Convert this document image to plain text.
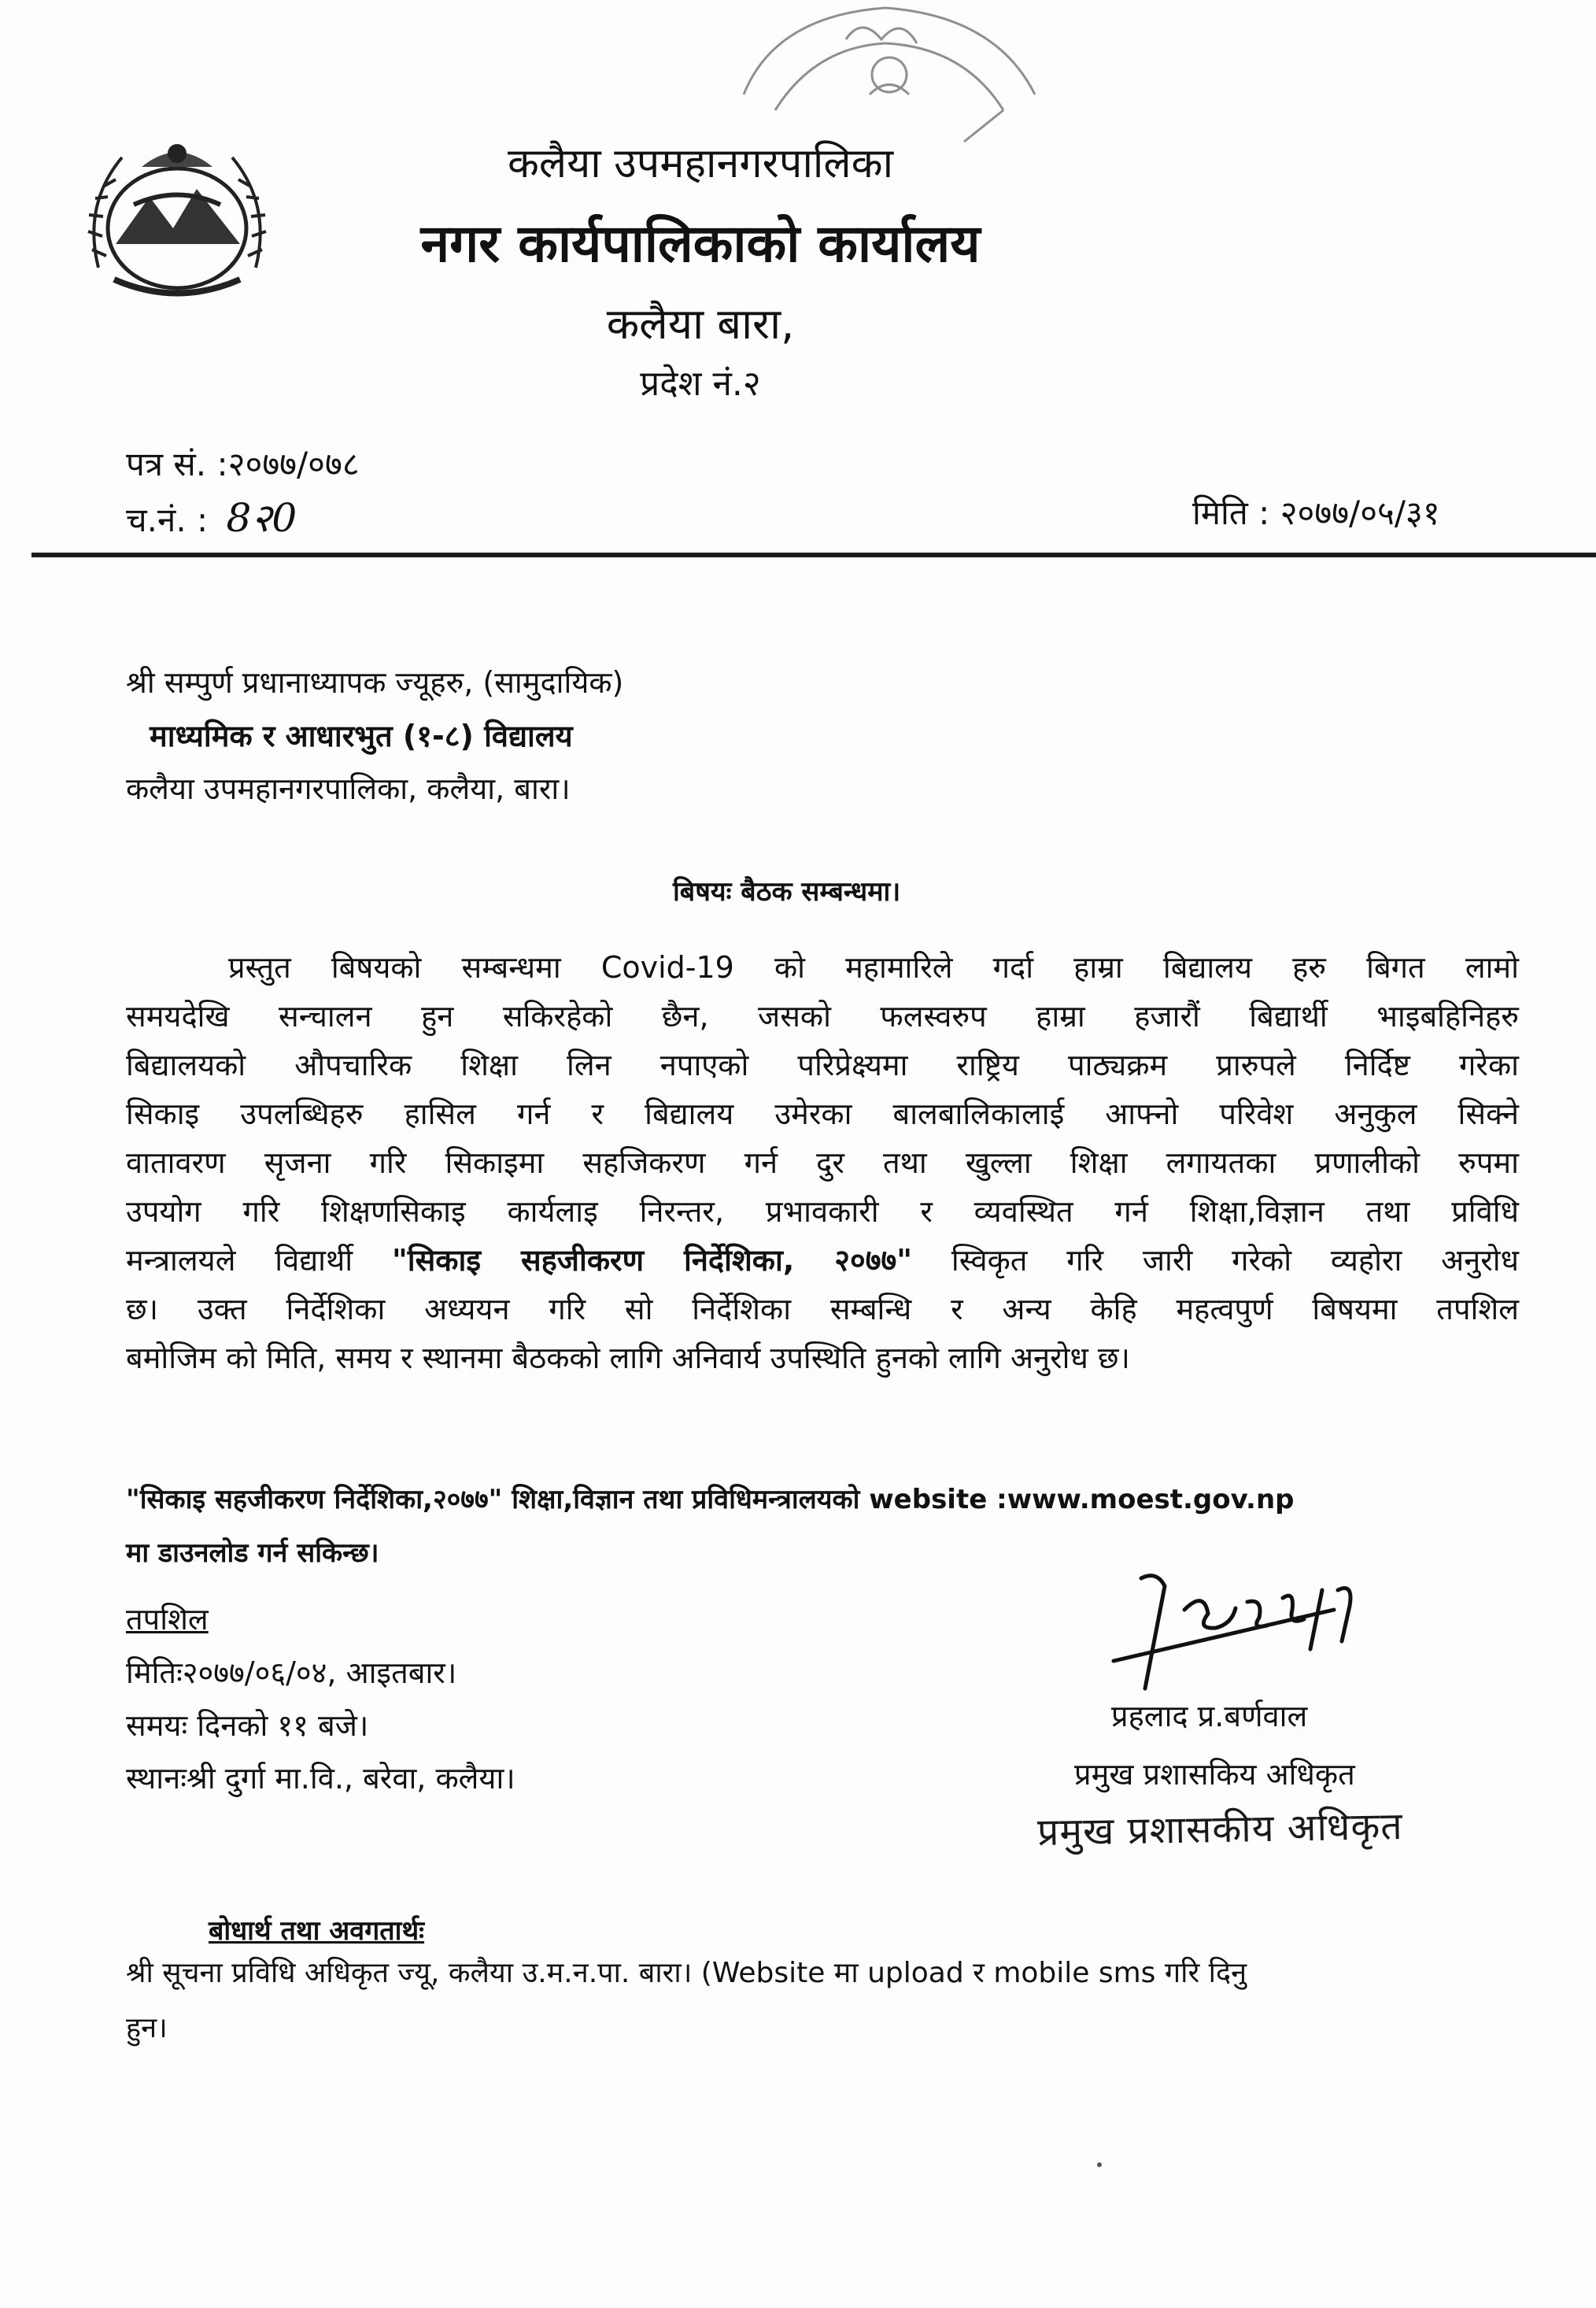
कलैया उपमहानगरपालिका
नगर कार्यपालिकाको कार्यालय
कलैया बारा,
प्रदेश नं.२
पत्र सं. :२०७७/०७८
च.नं. : 8२0	मिति : २०७७/०५/३१
श्री सम्पुर्ण प्रधानाध्यापक ज्यूहरु, (सामुदायिक)
माध्यमिक र आधारभुत (१-८) विद्यालय
कलैया उपमहानगरपालिका, कलैया, बारा।
बिषयः बैठक सम्बन्धमा।
प्रस्तुत बिषयको सम्बन्धमा Covid-19 को महामारिले गर्दा हाम्रा बिद्यालय हरु बिगत लामो
समयदेखि सन्चालन हुन सकिरहेको छैन, जसको फलस्वरुप हाम्रा हजारौं बिद्यार्थी भाइबहिनिहरु
बिद्यालयको औपचारिक शिक्षा लिन नपाएको परिप्रेक्ष्यमा राष्ट्रिय पाठ्यक्रम प्रारुपले निर्दिष्ट गरेका
सिकाइ उपलब्धिहरु हासिल गर्न र बिद्यालय उमेरका बालबालिकालाई आफ्नो परिवेश अनुकुल सिक्ने
वातावरण सृजना गरि सिकाइमा सहजिकरण गर्न दुर तथा खुल्ला शिक्षा लगायतका प्रणालीको रुपमा
उपयोग गरि शिक्षणसिकाइ कार्यलाइ निरन्तर, प्रभावकारी र व्यवस्थित गर्न शिक्षा,विज्ञान तथा प्रविधि
मन्त्रालयले विद्यार्थी "सिकाइ सहजीकरण निर्देशिका, २०७७" स्विकृत गरि जारी गरेको व्यहोरा अनुरोध
छ। उक्त निर्देशिका अध्ययन गरि सो निर्देशिका सम्बन्धि र अन्य केहि महत्वपुर्ण बिषयमा तपशिल
बमोजिम को मिति, समय र स्थानमा बैठकको लागि अनिवार्य उपस्थिति हुनको लागि अनुरोध छ।
"सिकाइ सहजीकरण निर्देशिका,२०७७" शिक्षा,विज्ञान तथा प्रविधिमन्त्रालयको website :www.moest.gov.np
मा डाउनलोड गर्न सकिन्छ।
तपशिल
मितिः२०७७/०६/०४, आइतबार।
समयः दिनको ११ बजे।
स्थानःश्री दुर्गा मा.वि., बरेवा, कलैया।
प्रहलाद प्र.बर्णवाल
प्रमुख प्रशासकिय अधिकृत
प्रमुख प्रशासकीय अधिकृत
बोधार्थ तथा अवगतार्थः
श्री सूचना प्रविधि अधिकृत ज्यू, कलैया उ.म.न.पा. बारा। (Website मा upload र mobile sms गरि दिनु
हुन।
